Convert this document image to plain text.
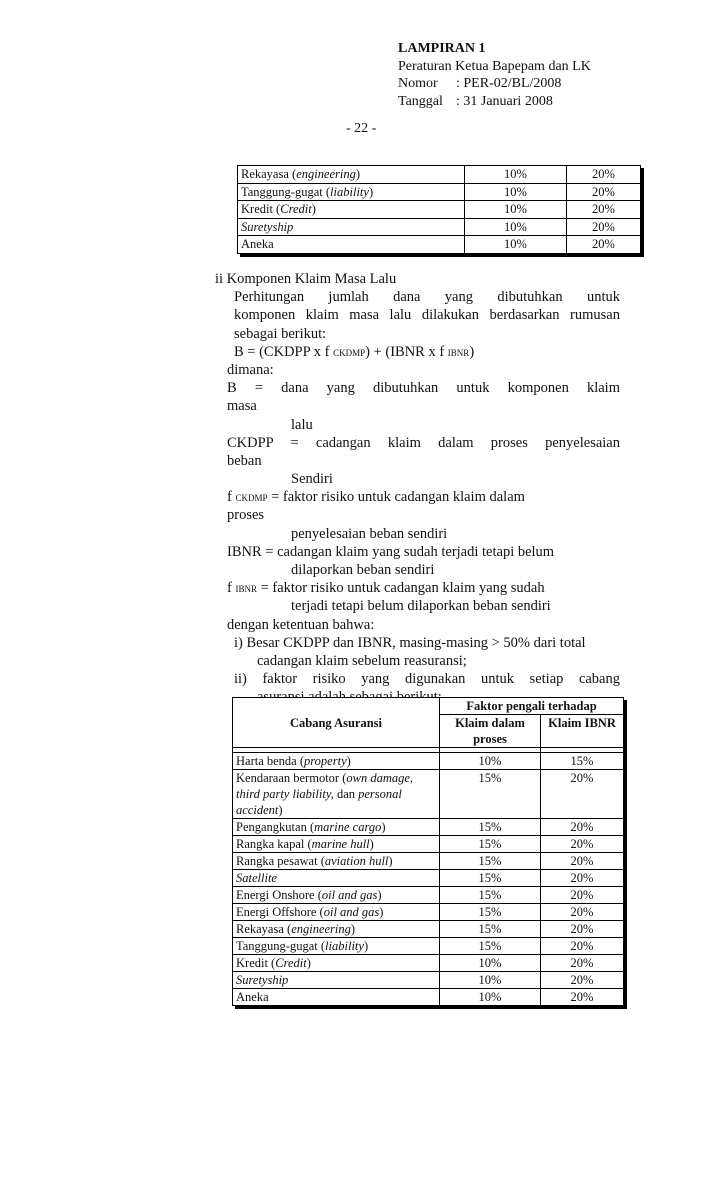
LAMPIRAN 1
Peraturan Ketua Bapepam dan LK
Nomor : PER-02/BL/2008
Tanggal : 31 Januari 2008
- 22 -
Rekayasa (engineering)	10%	20%
Tanggung-gugat (liability)	10%	20%
Kredit (Credit)	10%	20%
Suretyship	10%	20%
Aneka	10%	20%
ii Komponen Klaim Masa Lalu
Perhitungan jumlah dana yang dibutuhkan untuk
komponen klaim masa lalu dilakukan berdasarkan rumusan
sebagai berikut:
B = (CKDPP x f CKDMP) + (IBNR x f IBNR)
dimana:
B = dana yang dibutuhkan untuk komponen klaim
masa
lalu
CKDPP = cadangan klaim dalam proses penyelesaian
beban
Sendiri
f CKDMP = faktor risiko untuk cadangan klaim dalam
proses
penyelesaian beban sendiri
IBNR = cadangan klaim yang sudah terjadi tetapi belum
dilaporkan beban sendiri
f IBNR = faktor risiko untuk cadangan klaim yang sudah
terjadi tetapi belum dilaporkan beban sendiri
dengan ketentuan bahwa:
i) Besar CKDPP dan IBNR, masing-masing > 50% dari total
cadangan klaim sebelum reasuransi;
ii) faktor risiko yang digunakan untuk setiap cabang
Cabang Asuransi	Faktor pengali terhadap	
	Klaim dalam proses	Klaim IBNR

Harta benda (property)	10%	15%
Kendaraan bermotor (own damage, third party liability, dan personal accident)	15%	20%
Pengangkutan (marine cargo)	15%	20%
Rangka kapal (marine hull)	15%	20%
Rangka pesawat (aviation hull)	15%	20%
Satellite	15%	20%
Energi Onshore (oil and gas)	15%	20%
Energi Offshore (oil and gas)	15%	20%
Rekayasa (engineering)	15%	20%
Tanggung-gugat (liability)	15%	20%
Kredit (Credit)	10%	20%
Suretyship	10%	20%
Aneka	10%	20%
